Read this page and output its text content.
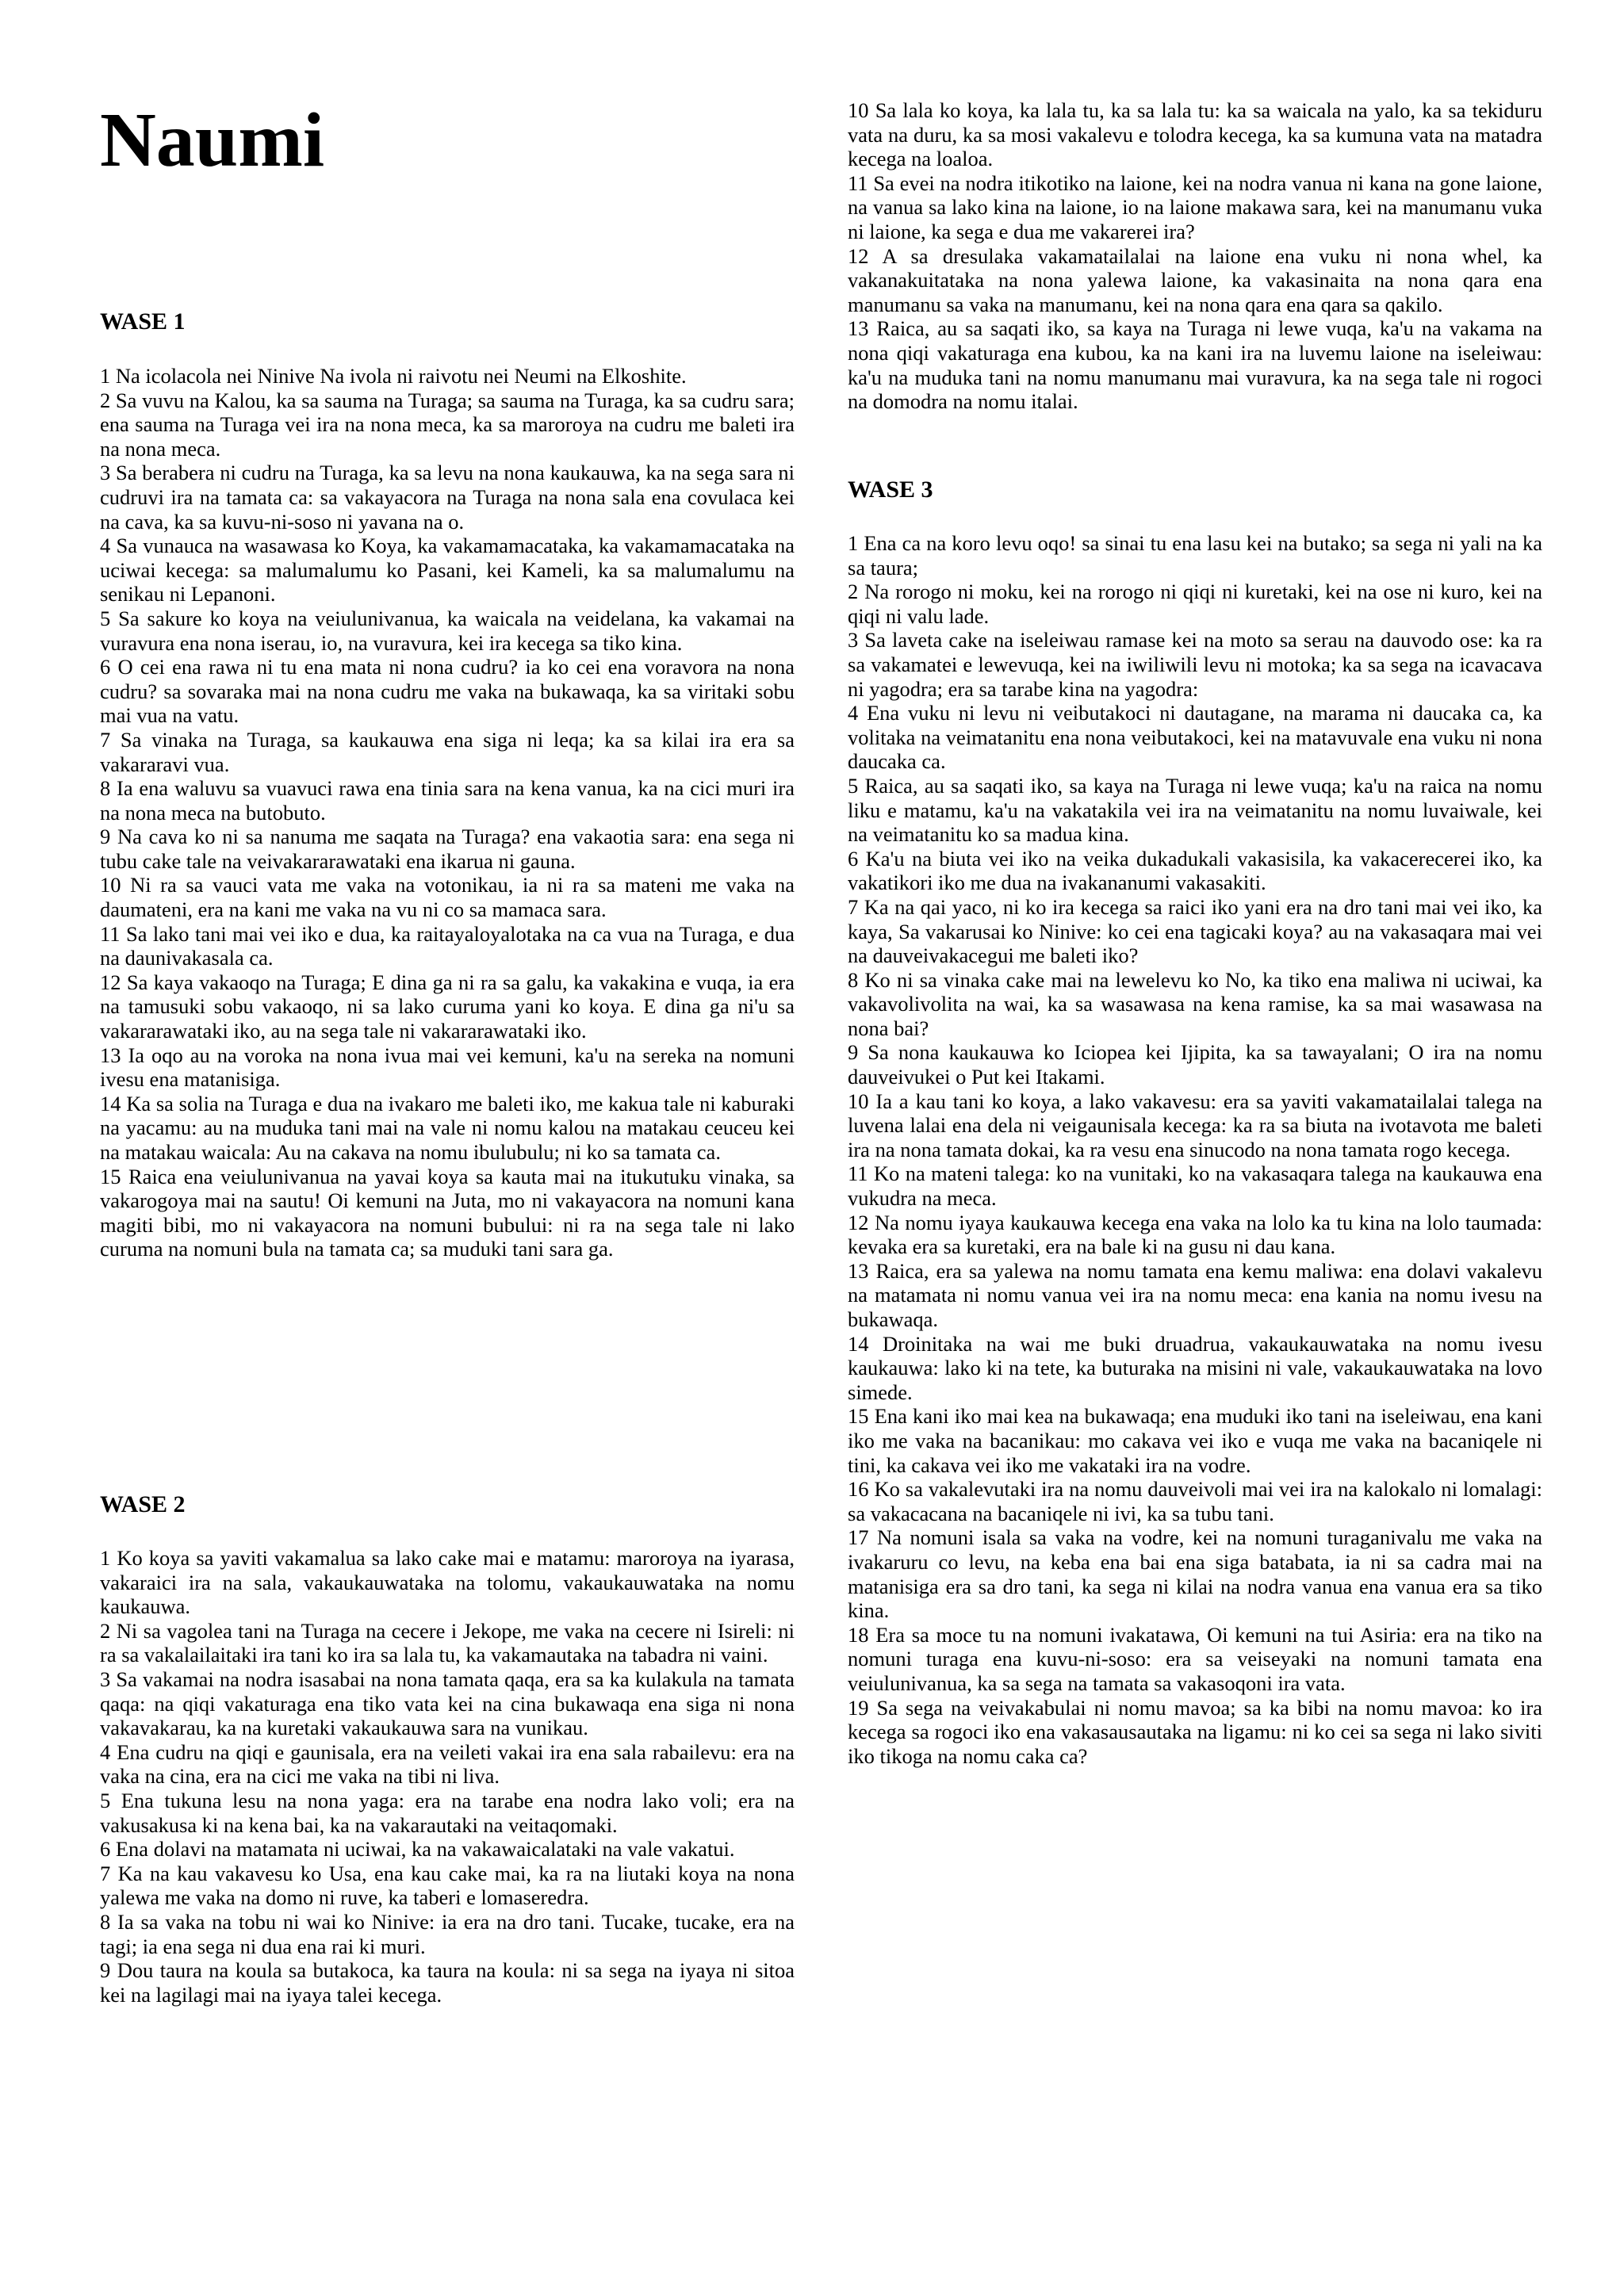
Naumi
WASE 1

1 Na icolacola nei Ninive Na ivola ni raivotu nei Neumi na Elkoshite.

2 Sa vuvu na Kalou, ka sa sauma na Turaga; sa sauma na Turaga, ka sa cudru sara; ena sauma na Turaga vei ira na nona meca, ka sa maroroya na cudru me baleti ira na nona meca.

3 Sa berabera ni cudru na Turaga, ka sa levu na nona kaukauwa, ka na sega sara ni cudruvi ira na tamata ca: sa vakayacora na Turaga na nona sala ena covulaca kei na cava, ka sa kuvu-ni-soso ni yavana na o.

4 Sa vunauca na wasawasa ko Koya, ka vakamamacataka, ka vakamamacataka na uciwai kecega: sa malumalumu ko Pasani, kei Kameli, ka sa malumalumu na senikau ni Lepanoni.

5 Sa sakure ko koya na veiulunivanua, ka waicala na veidelana, ka vakamai na vuravura ena nona iserau, io, na vuravura, kei ira kecega sa tiko kina.

6 O cei ena rawa ni tu ena mata ni nona cudru? ia ko cei ena voravora na nona cudru? sa sovaraka mai na nona cudru me vaka na bukawaqa, ka sa viritaki sobu mai vua na vatu.

7 Sa vinaka na Turaga, sa kaukauwa ena siga ni leqa; ka sa kilai ira era sa vakararavi vua.

8 Ia ena waluvu sa vuavuci rawa ena tinia sara na kena vanua, ka na cici muri ira na nona meca na butobuto.

9 Na cava ko ni sa nanuma me saqata na Turaga? ena vakaotia sara: ena sega ni tubu cake tale na veivakararawataki ena ikarua ni gauna.

10 Ni ra sa vauci vata me vaka na votonikau, ia ni ra sa mateni me vaka na daumateni, era na kani me vaka na vu ni co sa mamaca sara.

11 Sa lako tani mai vei iko e dua, ka raitayaloyalotaka na ca vua na Turaga, e dua na daunivakasala ca.

12 Sa kaya vakaoqo na Turaga; E dina ga ni ra sa galu, ka vakakina e vuqa, ia era na tamusuki sobu vakaoqo, ni sa lako curuma yani ko koya. E dina ga ni'u sa vakararawataki iko, au na sega tale ni vakararawataki iko.

13 Ia oqo au na voroka na nona ivua mai vei kemuni, ka'u na sereka na nomuni ivesu ena matanisiga.

14 Ka sa solia na Turaga e dua na ivakaro me baleti iko, me kakua tale ni kaburaki na yacamu: au na muduka tani mai na vale ni nomu kalou na matakau ceuceu kei na matakau waicala: Au na cakava na nomu ibulubulu; ni ko sa tamata ca.

15 Raica ena veiulunivanua na yavai koya sa kauta mai na itukutuku vinaka, sa vakarogoya mai na sautu! Oi kemuni na Juta, mo ni vakayacora na nomuni kana magiti bibi, mo ni vakayacora na nomuni bubului: ni ra na sega tale ni lako curuma na nomuni bula na tamata ca; sa muduki tani sara ga.

WASE 2

1 Ko koya sa yaviti vakamalua sa lako cake mai e matamu: maroroya na iyarasa, vakaraici ira na sala, vakaukauwataka na tolomu, vakaukauwataka na nomu kaukauwa.

2 Ni sa vagolea tani na Turaga na cecere i Jekope, me vaka na cecere ni Isireli: ni ra sa vakalailaitaki ira tani ko ira sa lala tu, ka vakamautaka na tabadra ni vaini.

3 Sa vakamai na nodra isasabai na nona tamata qaqa, era sa ka kulakula na tamata qaqa: na qiqi vakaturaga ena tiko vata kei na cina bukawaqa ena siga ni nona vakavakarau, ka na kuretaki vakaukauwa sara na vunikau.

4 Ena cudru na qiqi e gaunisala, era na veileti vakai ira ena sala rabailevu: era na vaka na cina, era na cici me vaka na tibi ni liva.

5 Ena tukuna lesu na nona yaga: era na tarabe ena nodra lako voli; era na vakusakusa ki na kena bai, ka na vakarautaki na veitaqomaki.

6 Ena dolavi na matamata ni uciwai, ka na vakawaicalataki na vale vakatui.

7 Ka na kau vakavesu ko Usa, ena kau cake mai, ka ra na liutaki koya na nona yalewa me vaka na domo ni ruve, ka taberi e lomaseredra.

8 Ia sa vaka na tobu ni wai ko Ninive: ia era na dro tani. Tucake, tucake, era na tagi; ia ena sega ni dua ena rai ki muri.

9 Dou taura na koula sa butakoca, ka taura na koula: ni sa sega na iyaya ni sitoa kei na lagilagi mai na iyaya talei kecega.

10 Sa lala ko koya, ka lala tu, ka sa lala tu: ka sa waicala na yalo, ka sa tekiduru vata na duru, ka sa mosi vakalevu e tolodra kecega, ka sa kumuna vata na matadra kecega na loaloa.

11 Sa evei na nodra itikotiko na laione, kei na nodra vanua ni kana na gone laione, na vanua sa lako kina na laione, io na laione makawa sara, kei na manumanu vuka ni laione, ka sega e dua me vakarerei ira?

12 A sa dresulaka vakamatailalai na laione ena vuku ni nona whel, ka vakanakuitataka na nona yalewa laione, ka vakasinaita na nona qara ena manumanu sa vaka na manumanu, kei na nona qara ena qara sa qakilo.

13 Raica, au sa saqati iko, sa kaya na Turaga ni lewe vuqa, ka'u na vakama na nona qiqi vakaturaga ena kubou, ka na kani ira na luvemu laione na iseleiwau: ka'u na muduka tani na nomu manumanu mai vuravura, ka na sega tale ni rogoci na domodra na nomu italai.

WASE 3

1 Ena ca na koro levu oqo! sa sinai tu ena lasu kei na butako; sa sega ni yali na ka sa taura;

2 Na rorogo ni moku, kei na rorogo ni qiqi ni kuretaki, kei na ose ni kuro, kei na qiqi ni valu lade.

3 Sa laveta cake na iseleiwau ramase kei na moto sa serau na dauvodo ose: ka ra sa vakamatei e lewevuqa, kei na iwiliwili levu ni motoka; ka sa sega na icavacava ni yagodra; era sa tarabe kina na yagodra:

4 Ena vuku ni levu ni veibutakoci ni dautagane, na marama ni daucaka ca, ka volitaka na veimatanitu ena nona veibutakoci, kei na matavuvale ena vuku ni nona daucaka ca.

5 Raica, au sa saqati iko, sa kaya na Turaga ni lewe vuqa; ka'u na raica na nomu liku e matamu, ka'u na vakatakila vei ira na veimatanitu na nomu luvaiwale, kei na veimatanitu ko sa madua kina.

6 Ka'u na biuta vei iko na veika dukadukali vakasisila, ka vakacerecerei iko, ka vakatikori iko me dua na ivakananumi vakasakiti.

7 Ka na qai yaco, ni ko ira kecega sa raici iko yani era na dro tani mai vei iko, ka kaya, Sa vakarusai ko Ninive: ko cei ena tagicaki koya? au na vakasaqara mai vei na dauveivakacegui me baleti iko?

8 Ko ni sa vinaka cake mai na lewelevu ko No, ka tiko ena maliwa ni uciwai, ka vakavolivolita na wai, ka sa wasawasa na kena ramise, ka sa mai wasawasa na nona bai?

9 Sa nona kaukauwa ko Iciopea kei Ijipita, ka sa tawayalani; O ira na nomu dauveivukei o Put kei Itakami.

10 Ia a kau tani ko koya, a lako vakavesu: era sa yaviti vakamatailalai talega na luvena lalai ena dela ni veigaunisala kecega: ka ra sa biuta na ivotavota me baleti ira na nona tamata dokai, ka ra vesu ena sinucodo na nona tamata rogo kecega.

11 Ko na mateni talega: ko na vunitaki, ko na vakasaqara talega na kaukauwa ena vukudra na meca.

12 Na nomu iyaya kaukauwa kecega ena vaka na lolo ka tu kina na lolo taumada: kevaka era sa kuretaki, era na bale ki na gusu ni dau kana.

13 Raica, era sa yalewa na nomu tamata ena kemu maliwa: ena dolavi vakalevu na matamata ni nomu vanua vei ira na nomu meca: ena kania na nomu ivesu na bukawaqa.

14 Droinitaka na wai me buki druadrua, vakaukauwataka na nomu ivesu kaukauwa: lako ki na tete, ka buturaka na misini ni vale, vakaukauwataka na lovo simede.

15 Ena kani iko mai kea na bukawaqa; ena muduki iko tani na iseleiwau, ena kani iko me vaka na bacanikau: mo cakava vei iko e vuqa me vaka na bacaniqele ni tini, ka cakava vei iko me vakataki ira na vodre.

16 Ko sa vakalevutaki ira na nomu dauveivoli mai vei ira na kalokalo ni lomalagi: sa vakacacana na bacaniqele ni ivi, ka sa tubu tani.

17 Na nomuni isala sa vaka na vodre, kei na nomuni turaganivalu me vaka na ivakaruru co levu, na keba ena bai ena siga batabata, ia ni sa cadra mai na matanisiga era sa dro tani, ka sega ni kilai na nodra vanua ena vanua era sa tiko kina.

18 Era sa moce tu na nomuni ivakatawa, Oi kemuni na tui Asiria: era na tiko na nomuni turaga ena kuvu-ni-soso: era sa veiseyaki na nomuni tamata ena veiulunivanua, ka sa sega na tamata sa vakasoqoni ira vata.

19 Sa sega na veivakabulai ni nomu mavoa; sa ka bibi na nomu mavoa: ko ira kecega sa rogoci iko ena vakasausautaka na ligamu: ni ko cei sa sega ni lako siviti iko tikoga na nomu caka ca?
